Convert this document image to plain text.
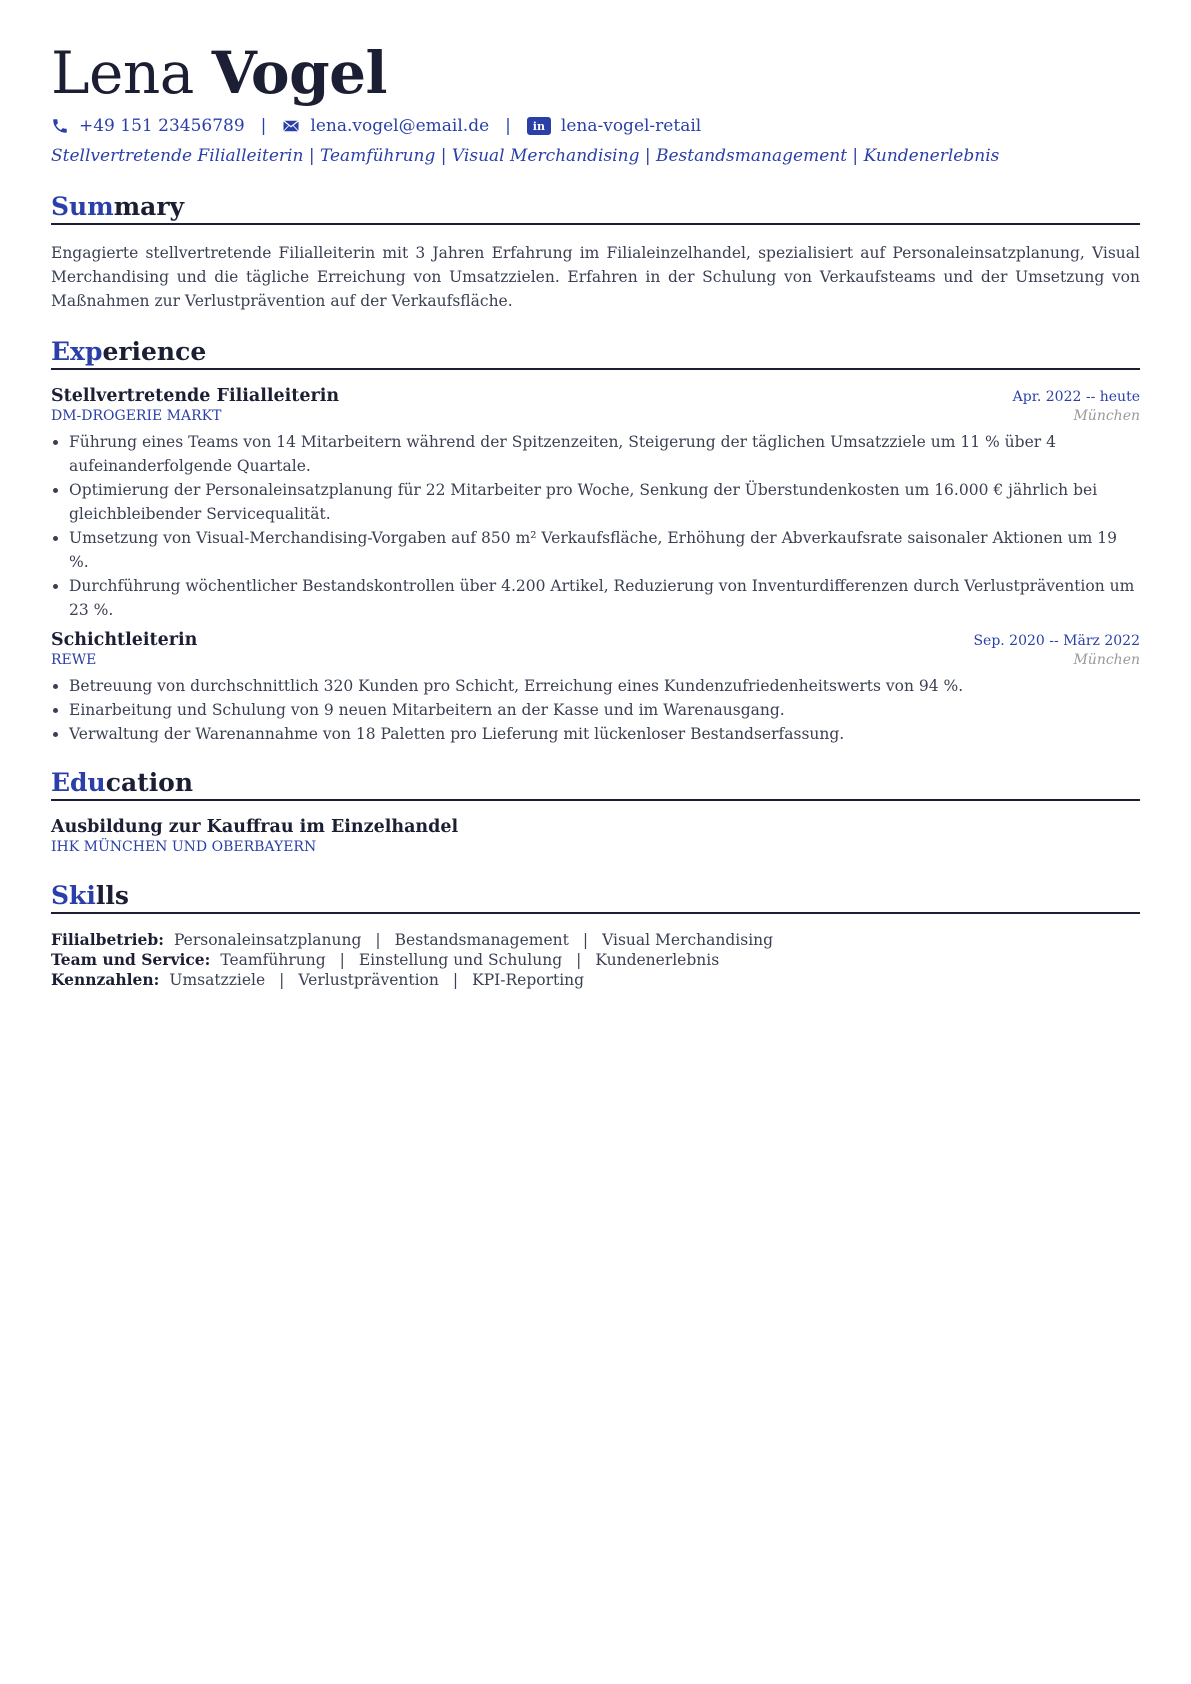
Lena Vogel
+49 151 23456789 |	lena.vogel@email.de |	in lena-vogel-retail
Stellvertretende Filialleiterin | Teamführung | Visual Merchandising | Bestandsmanagement | Kundenerlebnis
Summary
Engagierte stellvertretende Filialleiterin mit 3 Jahren Erfahrung im Filialeinzelhandel, spezialisiert auf Personaleinsatzplanung, Visual Merchandising und die tägliche Erreichung von Umsatzzielen. Erfahren in der Schulung von Verkaufsteams und der Umsetzung von Maßnahmen zur Verlustprävention auf der Verkaufsfläche.
Experience
Stellvertretende Filialleiterin	Apr. 2022 -- heute
DM-DROGERIE MARKT	München
• Führung eines Teams von 14 Mitarbeitern während der Spitzenzeiten, Steigerung der täglichen Umsatzziele um 11 % über 4 aufeinanderfolgende Quartale.
• Optimierung der Personaleinsatzplanung für 22 Mitarbeiter pro Woche, Senkung der Überstundenkosten um 16.000 € jährlich bei gleichbleibender Servicequalität.
• Umsetzung von Visual-Merchandising-Vorgaben auf 850 m² Verkaufsfläche, Erhöhung der Abverkaufsrate saisonaler Aktionen um 19 %.
• Durchführung wöchentlicher Bestandskontrollen über 4.200 Artikel, Reduzierung von Inventurdifferenzen durch Verlustprävention um 23 %.
Schichtleiterin	Sep. 2020 -- März 2022
REWE	München
• Betreuung von durchschnittlich 320 Kunden pro Schicht, Erreichung eines Kundenzufriedenheitswerts von 94 %.
• Einarbeitung und Schulung von 9 neuen Mitarbeitern an der Kasse und im Warenausgang.
• Verwaltung der Warenannahme von 18 Paletten pro Lieferung mit lückenloser Bestandserfassung.
Education
Ausbildung zur Kauffrau im Einzelhandel
IHK MÜNCHEN UND OBERBAYERN
Skills
Filialbetrieb: Personaleinsatzplanung | Bestandsmanagement | Visual Merchandising
Team und Service: Teamführung | Einstellung und Schulung | Kundenerlebnis
Kennzahlen: Umsatzziele | Verlustprävention | KPI-Reporting
